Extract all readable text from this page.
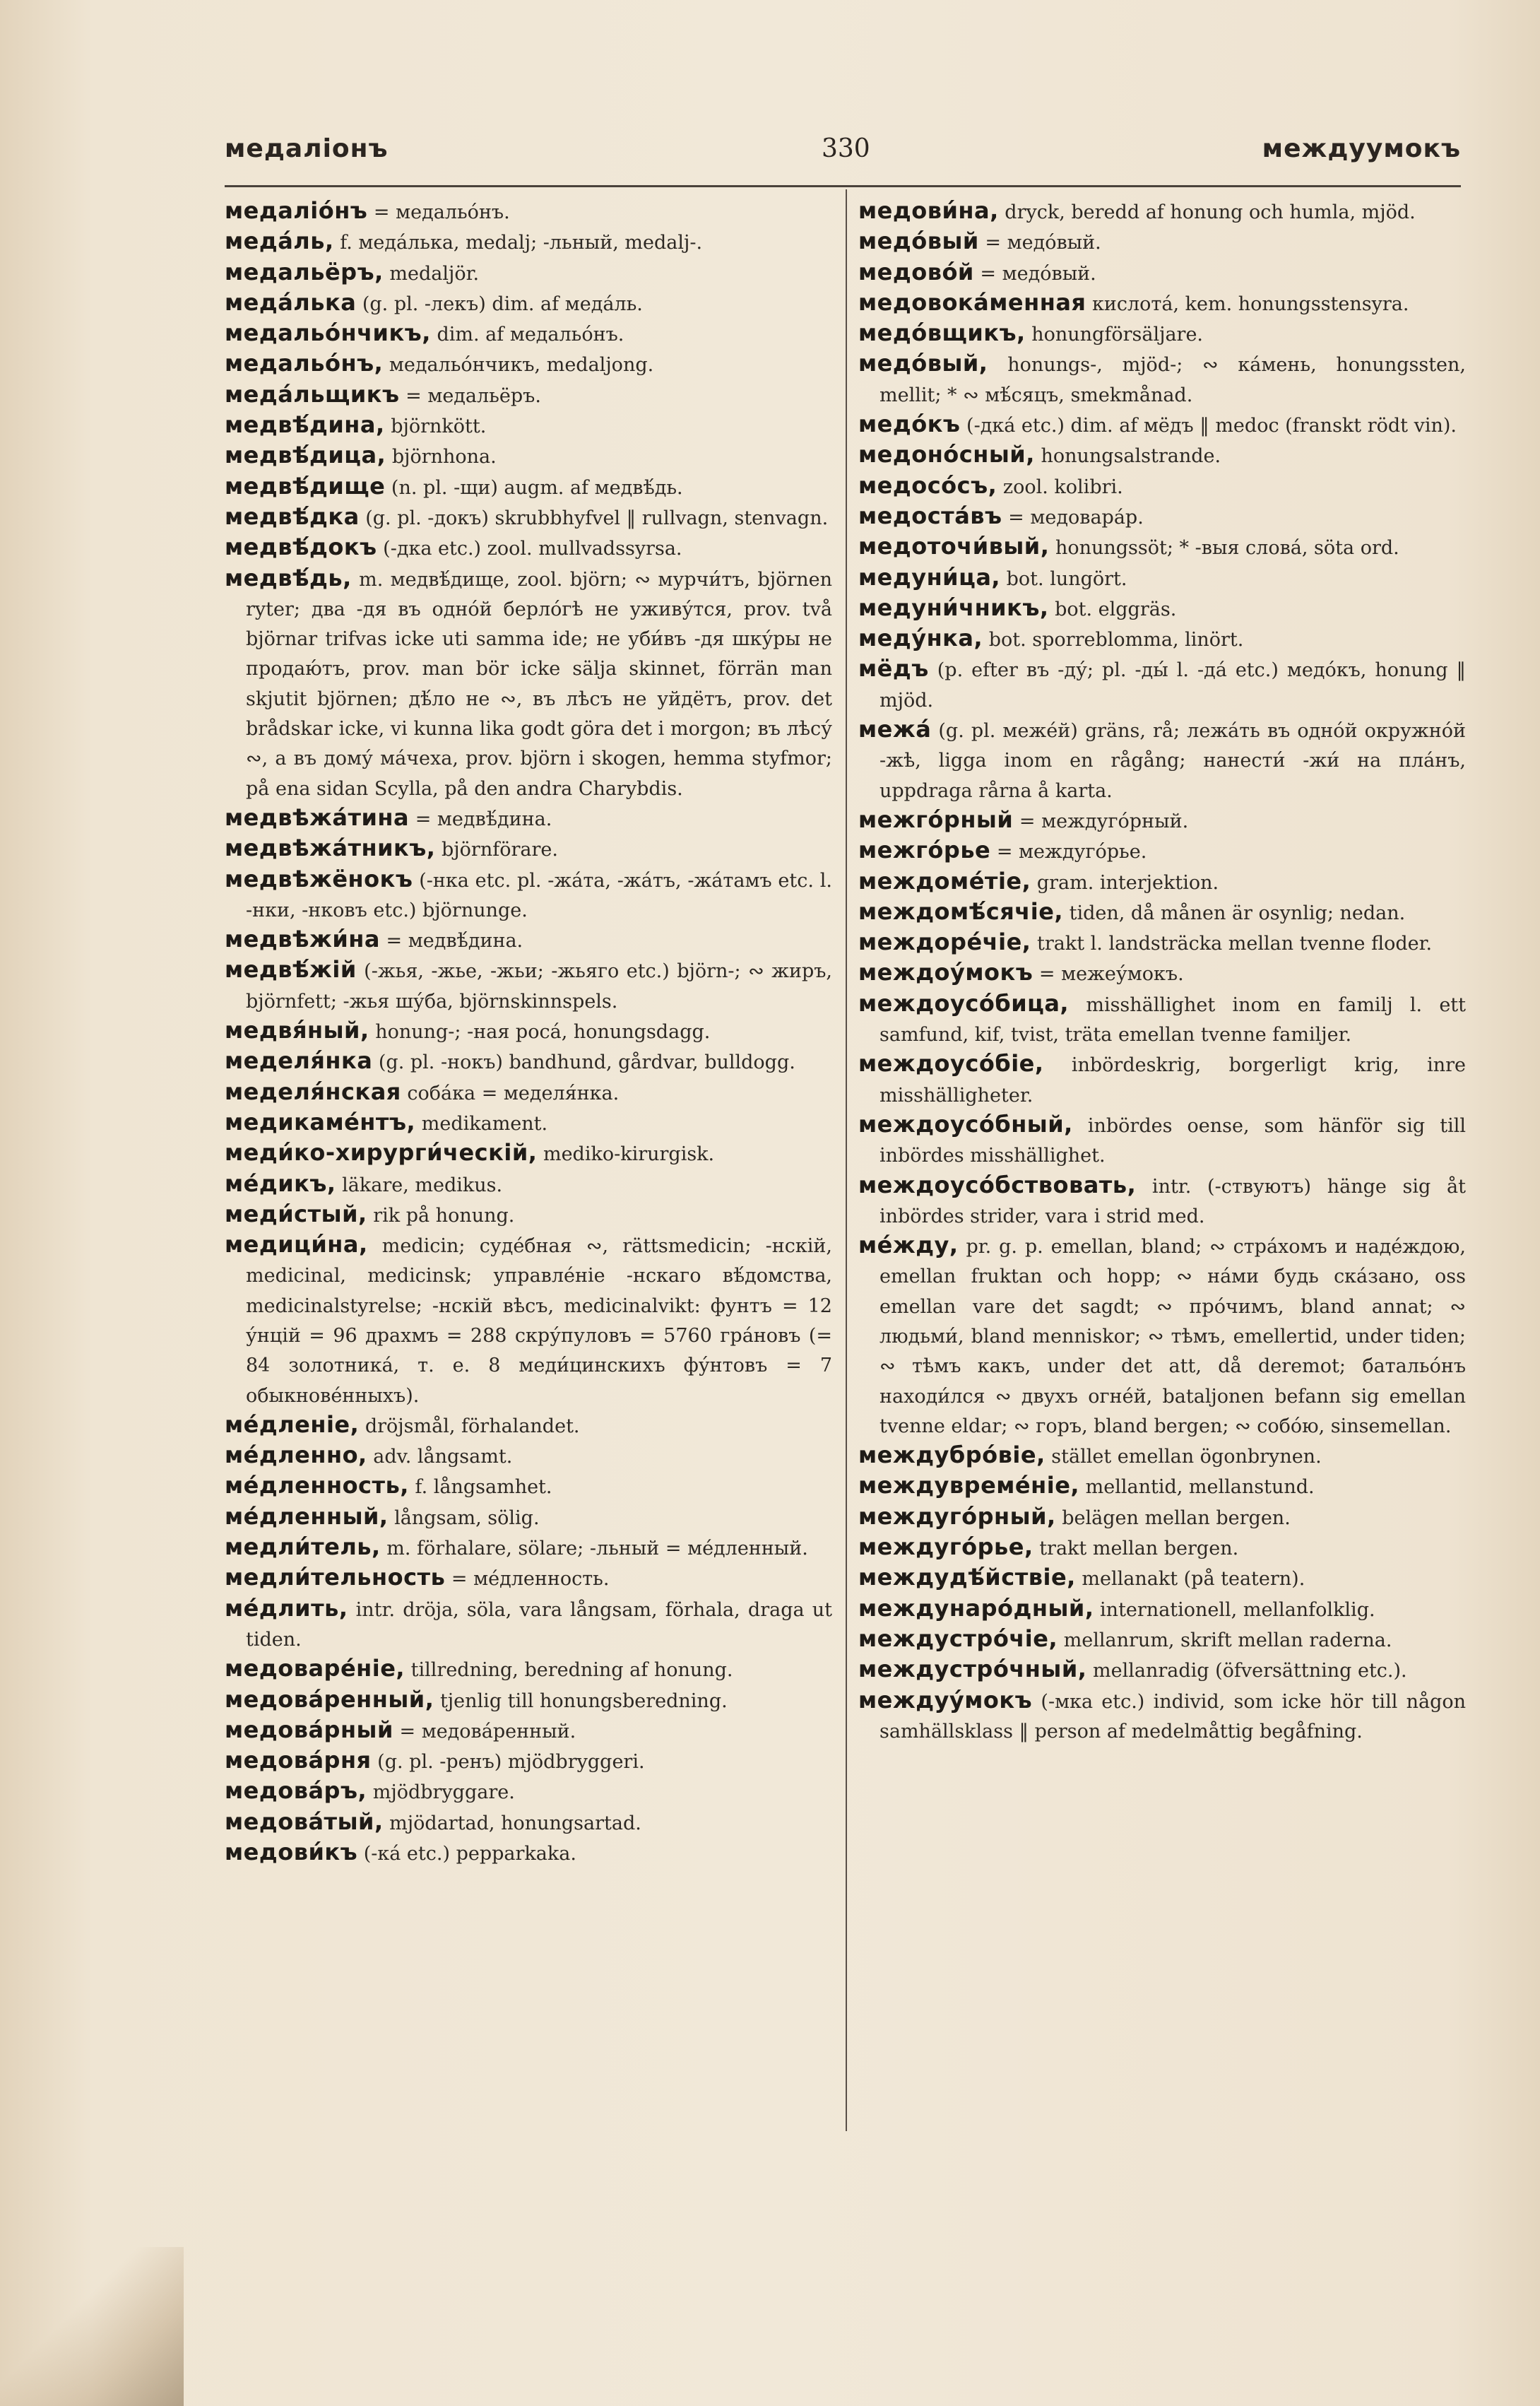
медаліонъ	330	междуумокъ

медаліо́нъ = медальо́нъ.

медáль, f. медáлька, medalj; -льный, medalj-.

медальёръ, medaljör.

медáлька (g. pl. -лекъ) dim. af медáль.

медальо́нчикъ, dim. af медальо́нъ.

медальо́нъ, медальо́нчикъ, medaljong.

медáльщикъ = медальёръ.

медвѣ́дина, björnkött.

медвѣ́дица, björnhona.

медвѣ́дище (n. pl. -щи) augm. af медвѣ́дь.

медвѣ́дка (g. pl. -докъ) skrubbhyfvel ‖ rullvagn, stenvagn.

медвѣ́докъ (-дка etc.) zool. mullvadssyrsa.

медвѣ́дь, m. медвѣ́дище, zool. björn; ∾ мурчи́тъ, björnen ryter; два -дя въ одно́й берло́гѣ не уживу́тся, prov. två björnar trifvas icke uti samma ide; не уби́въ -дя шку́ры не продаю́тъ, prov. man bör icke sälja skinnet, förrän man skjutit björnen; дѣ́ло не ∾, въ лѣсъ не уйдётъ, prov. det brådskar icke, vi kunna lika godt göra det i morgon; въ лѣсу́ ∾, а въ дому́ мáчеха, prov. björn i skogen, hemma styfmor; på ena sidan Scylla, på den andra Charybdis.

медвѣжáтина = медвѣ́дина.

медвѣжáтникъ, björnförare.

медвѣжёнокъ (-нка etc. pl. -жáта, -жáтъ, -жáтамъ etc. l. -нки, -нковъ etc.) björnunge.

медвѣжи́на = медвѣ́дина.

медвѣ́жій (-жья, -жье, -жьи; -жьяго etc.) björn-; ∾ жиръ, björnfett; -жья шу́ба, björnskinnspels.

медвя́ный, honung-; -ная росá, honungsdagg.

меделя́нка (g. pl. -нокъ) bandhund, gårdvar, bulldogg.

меделя́нская собáка = меделя́нка.

медикамéнтъ, medikament.

меди́ко-хирурги́ческій, mediko-kirurgisk.

мéдикъ, läkare, medikus.

меди́стый, rik på honung.

медици́на, medicin; судéбная ∾, rättsmedicin; -нскій, medicinal, medicinsk; управлéніе -нскаго вѣ́домства, medicinalstyrelse; -нскій вѣсъ, medicinalvikt: фунтъ = 12 у́нцій = 96 драхмъ = 288 скру́пуловъ = 5760 грáновъ (= 84 золотникá, т. е. 8 меди́цинскихъ фу́нтовъ = 7 обыкновéнныхъ).

мéдленіе, dröjsmål, förhalandet.

мéдленно, adv. långsamt.

мéдленность, f. långsamhet.

мéдленный, långsam, sölig.

медли́тель, m. förhalare, sölare; -льный = мéдленный.

медли́тельность = мéдленность.

мéдлить, intr. dröja, söla, vara långsam, förhala, draga ut tiden.

медоварéніе, tillredning, beredning af honung.

медовáренный, tjenlig till honungsberedning.

медовáрный = медовáренный.

медовáрня (g. pl. -ренъ) mjödbryggeri.

медовáръ, mjödbryggare.

медовáтый, mjödartad, honungsartad.

медови́къ (-кá etc.) pepparkaka.

медови́на, dryck, beredd af honung och humla, mjöd.

медо́вый = медо́вый.

медово́й = медо́вый.

медовокáменная кислотá, kem. honungsstensyra.

медо́вщикъ, honungförsäljare.

медо́вый, honungs-, mjöd-; ∾ кáмень, honungssten, mellit; * ∾ мѣ́сяцъ, smekmånad.

медо́къ (-дкá etc.) dim. af мёдъ ‖ medoc (franskt rödt vin).

медоно́сный, honungsalstrande.

медосо́съ, zool. kolibri.

медостáвъ = медоварáр.

медоточи́вый, honungssöt; * -выя словá, söta ord.

медуни́ца, bot. lungört.

медуни́чникъ, bot. elggräs.

меду́нка, bot. sporreblomma, linört.

мёдъ (p. efter въ -ду́; pl. -ды́ l. -дá etc.) медо́къ, honung ‖ mjöd.

межá (g. pl. межéй) gräns, rå; лежáть въ одно́й окружно́й -жѣ, ligga inom en rågång; нанести́ -жи́ на плáнъ, uppdraga rårna å karta.

межго́рный = междуго́рный.

межго́рье = междуго́рье.

междомéтіе, gram. interjektion.

междомѣ́сячіе, tiden, då månen är osynlig; nedan.

междорéчіе, trakt l. landsträcka mellan tvenne floder.

междоу́мокъ = межеу́мокъ.

междоусо́бица, misshällighet inom en familj l. ett samfund, kif, tvist, träta emellan tvenne familjer.

междоусо́біе, inbördeskrig, borgerligt krig, inre misshälligheter.

междоусо́бный, inbördes oense, som hänför sig till inbördes misshällighet.

междоусо́бствовать, intr. (-ствуютъ) hänge sig åt inbördes strider, vara i strid med.

мéжду, pr. g. p. emellan, bland; ∾ стрáхомъ и надéждою, emellan fruktan och hopp; ∾ нáми будь скáзано, oss emellan vare det sagdt; ∾ про́чимъ, bland annat; ∾ людьми́, bland menniskor; ∾ тѣмъ, emellertid, under tiden; ∾ тѣмъ какъ, under det att, då deremot; батальо́нъ находи́лся ∾ двухъ огнéй, bataljonen befann sig emellan tvenne eldar; ∾ горъ, bland bergen; ∾ собо́ю, sinsemellan.

междубро́віе, stället emellan ögonbrynen.

междувремéніе, mellantid, mellanstund.

междуго́рный, belägen mellan bergen.

междуго́рье, trakt mellan bergen.

междудѣ́йствіе, mellanakt (på teatern).

междунаро́дный, internationell, mellanfolklig.

междустро́чіе, mellanrum, skrift mellan raderna.

междустро́чный, mellanradig (öfversättning etc.).

междуу́мокъ (-мка etc.) individ, som icke hör till någon samhällsklass ‖ person af medelmåttig begåfning.
